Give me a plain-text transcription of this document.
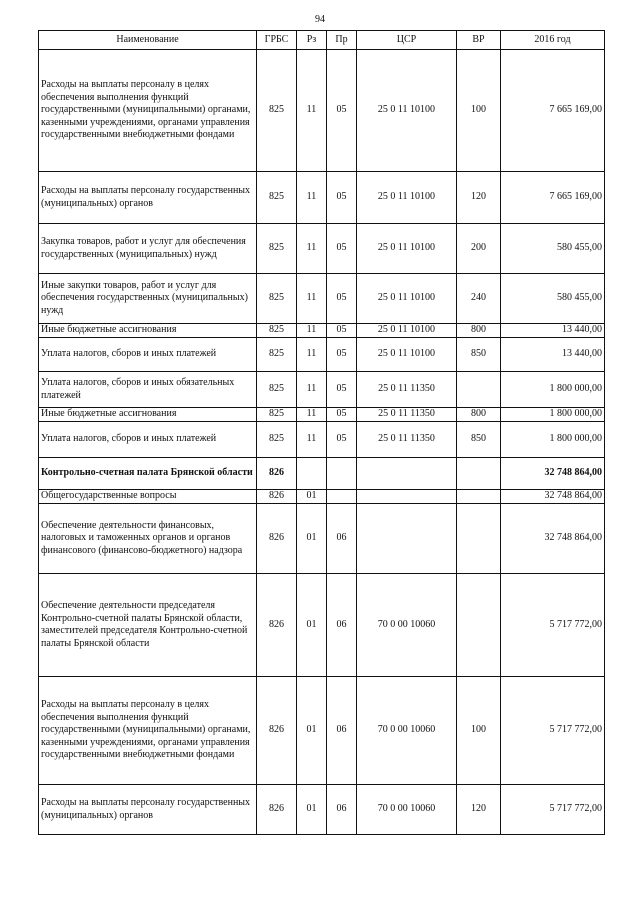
94
Наименование	ГРБС	Рз	Пр	ЦСР	ВР	2016 год
Расходы на выплаты персоналу в целях обеспечения выполнения функций государственными (муниципальными) органами, казенными учреждениями, органами управления государственными внебюджетными фондами	825	11	05	25 0 11 10100	100	7 665 169,00
Расходы на выплаты персоналу государственных (муниципальных) органов	825	11	05	25 0 11 10100	120	7 665 169,00
Закупка товаров, работ и услуг для обеспечения государственных (муниципальных) нужд	825	11	05	25 0 11 10100	200	580 455,00
Иные закупки товаров, работ и услуг для обеспечения государственных (муниципальных) нужд	825	11	05	25 0 11 10100	240	580 455,00
Иные бюджетные ассигнования	825	11	05	25 0 11 10100	800	13 440,00
Уплата налогов, сборов и иных платежей	825	11	05	25 0 11 10100	850	13 440,00
Уплата налогов, сборов и иных обязательных платежей	825	11	05	25 0 11 11350		1 800 000,00
Иные бюджетные ассигнования	825	11	05	25 0 11 11350	800	1 800 000,00
Уплата налогов, сборов и иных платежей	825	11	05	25 0 11 11350	850	1 800 000,00
Контрольно-счетная палата Брянской области	826					32 748 864,00
Общегосударственные вопросы	826	01				32 748 864,00
Обеспечение деятельности финансовых, налоговых и таможенных органов и органов финансового (финансово-бюджетного) надзора	826	01	06			32 748 864,00
Обеспечение деятельности председателя Контрольно-счетной палаты Брянской области, заместителей председателя Контрольно-счетной палаты Брянской области	826	01	06	70 0 00 10060		5 717 772,00
Расходы на выплаты персоналу в целях обеспечения выполнения функций государственными (муниципальными) органами, казенными учреждениями, органами управления государственными внебюджетными фондами	826	01	06	70 0 00 10060	100	5 717 772,00
Расходы на выплаты персоналу государственных (муниципальных) органов	826	01	06	70 0 00 10060	120	5 717 772,00
